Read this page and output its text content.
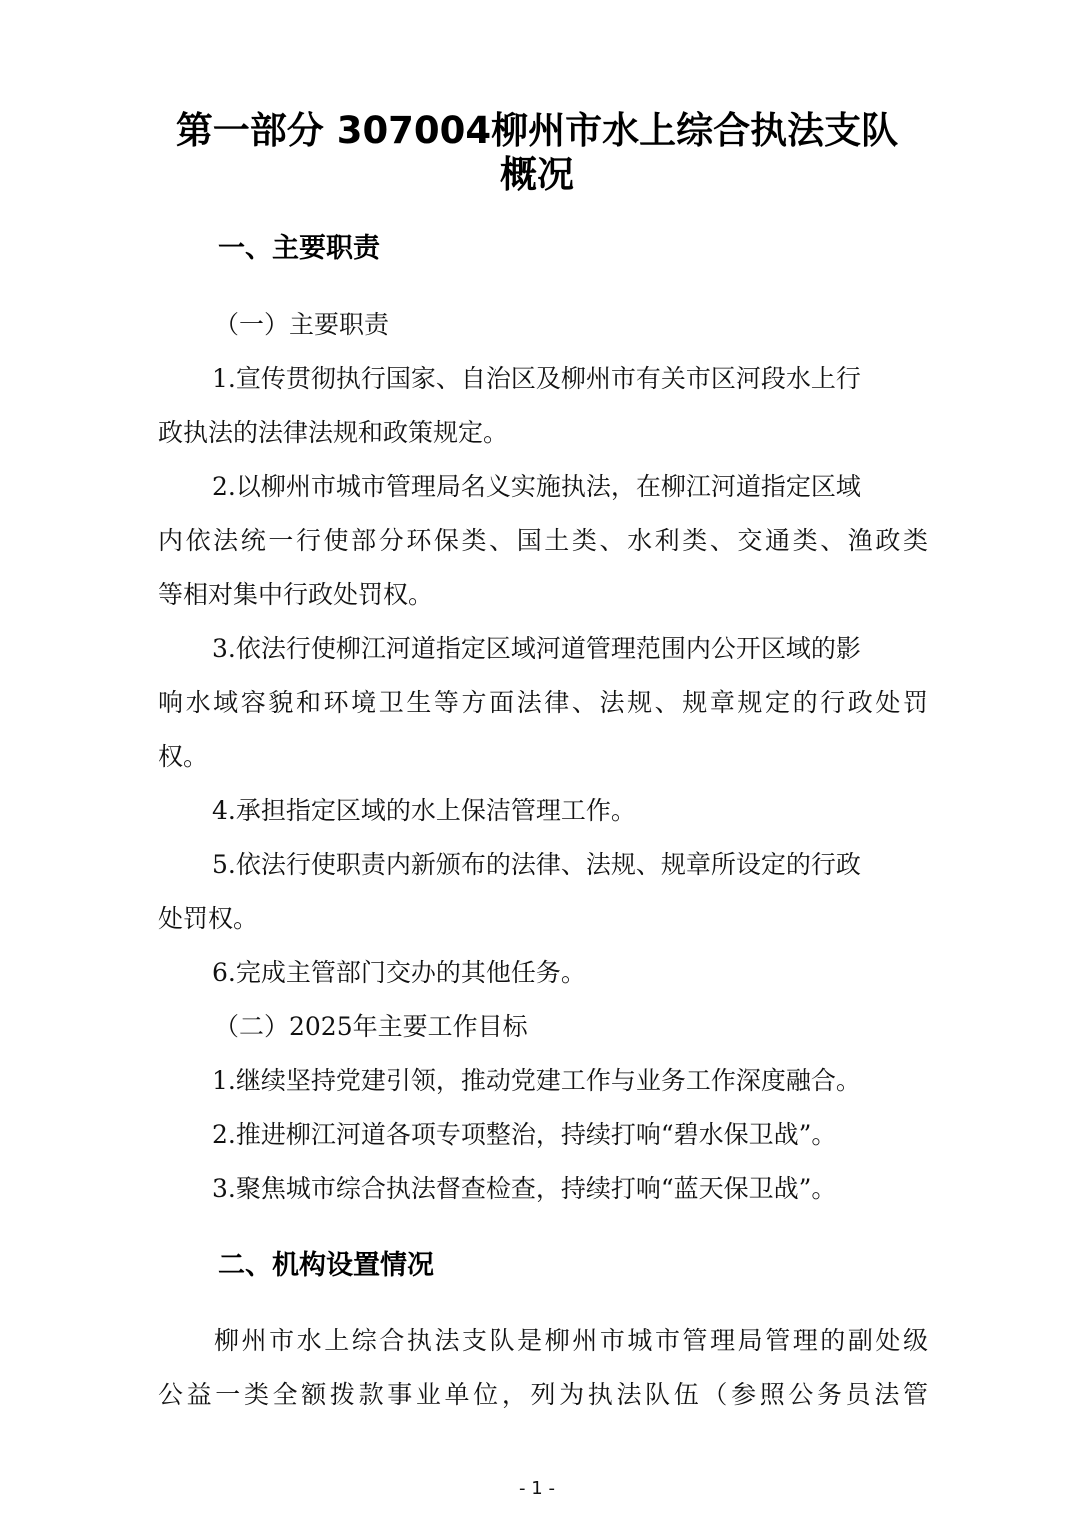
第一部分 307004柳州市水上综合执法支队
概况
一、主要职责
（一）主要职责
1.宣传贯彻执行国家、自治区及柳州市有关市区河段水上行
政执法的法律法规和政策规定。
2.以柳州市城市管理局名义实施执法，在柳江河道指定区域
内依法统一行使部分环保类、国土类、水利类、交通类、渔政类
等相对集中行政处罚权。
3.依法行使柳江河道指定区域河道管理范围内公开区域的影
响水域容貌和环境卫生等方面法律、法规、规章规定的行政处罚
权。
4.承担指定区域的水上保洁管理工作。
5.依法行使职责内新颁布的法律、法规、规章所设定的行政
处罚权。
6.完成主管部门交办的其他任务。
（二）2025年主要工作目标
1.继续坚持党建引领，推动党建工作与业务工作深度融合。
2.推进柳江河道各项专项整治，持续打响“碧水保卫战”。
3.聚焦城市综合执法督查检查，持续打响“蓝天保卫战”。
二、机构设置情况
柳州市水上综合执法支队是柳州市城市管理局管理的副处级
公益一类全额拨款事业单位，列为执法队伍（参照公务员法管
- 1 -
